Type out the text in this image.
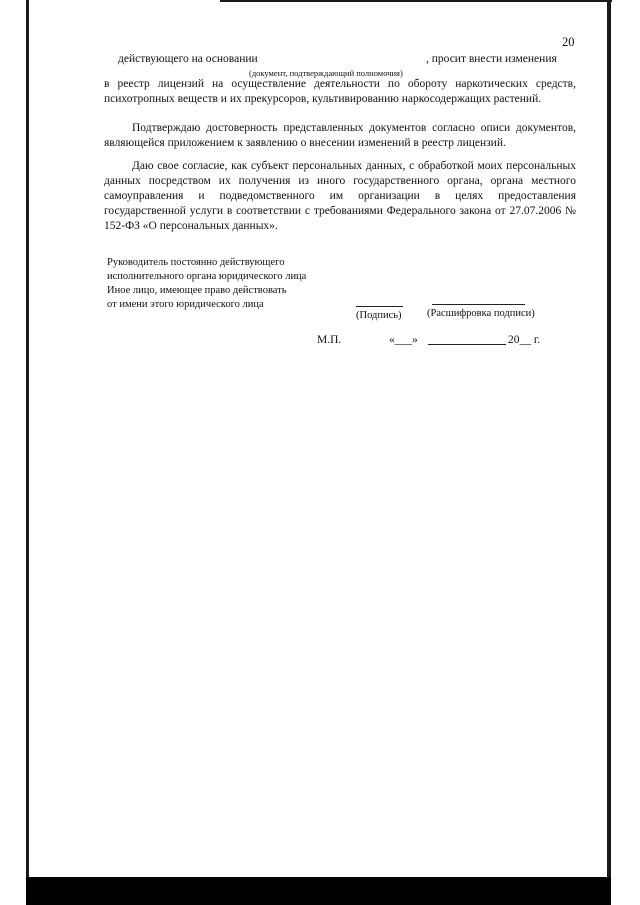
20
действующего на основании	, просит внести изменения
(документ, подтверждающий полномочия)
в реестр лицензий на осуществление деятельности по обороту наркотических средств, психотропных веществ и их прекурсоров, культивированию наркосодержащих растений.
Подтверждаю достоверность представленных документов согласно описи документов, являющейся приложением к заявлению о внесении изменений в реестр лицензий.
Даю свое согласие, как субъект персональных данных, с обработкой моих персональных данных посредством их получения из иного государственного органа, органа местного самоуправления и подведомственного им организации в целях предоставления государственной услуги в соответствии с требованиями Федерального закона от 27.07.2006 № 152-ФЗ «О персональных данных».
Руководитель постоянно действующего
исполнительного органа юридического лица
Иное лицо, имеющее право действовать
от имени этого юридического лица
(Подпись) (Расшифровка подписи)
М.П.	«___»	20__ г.
